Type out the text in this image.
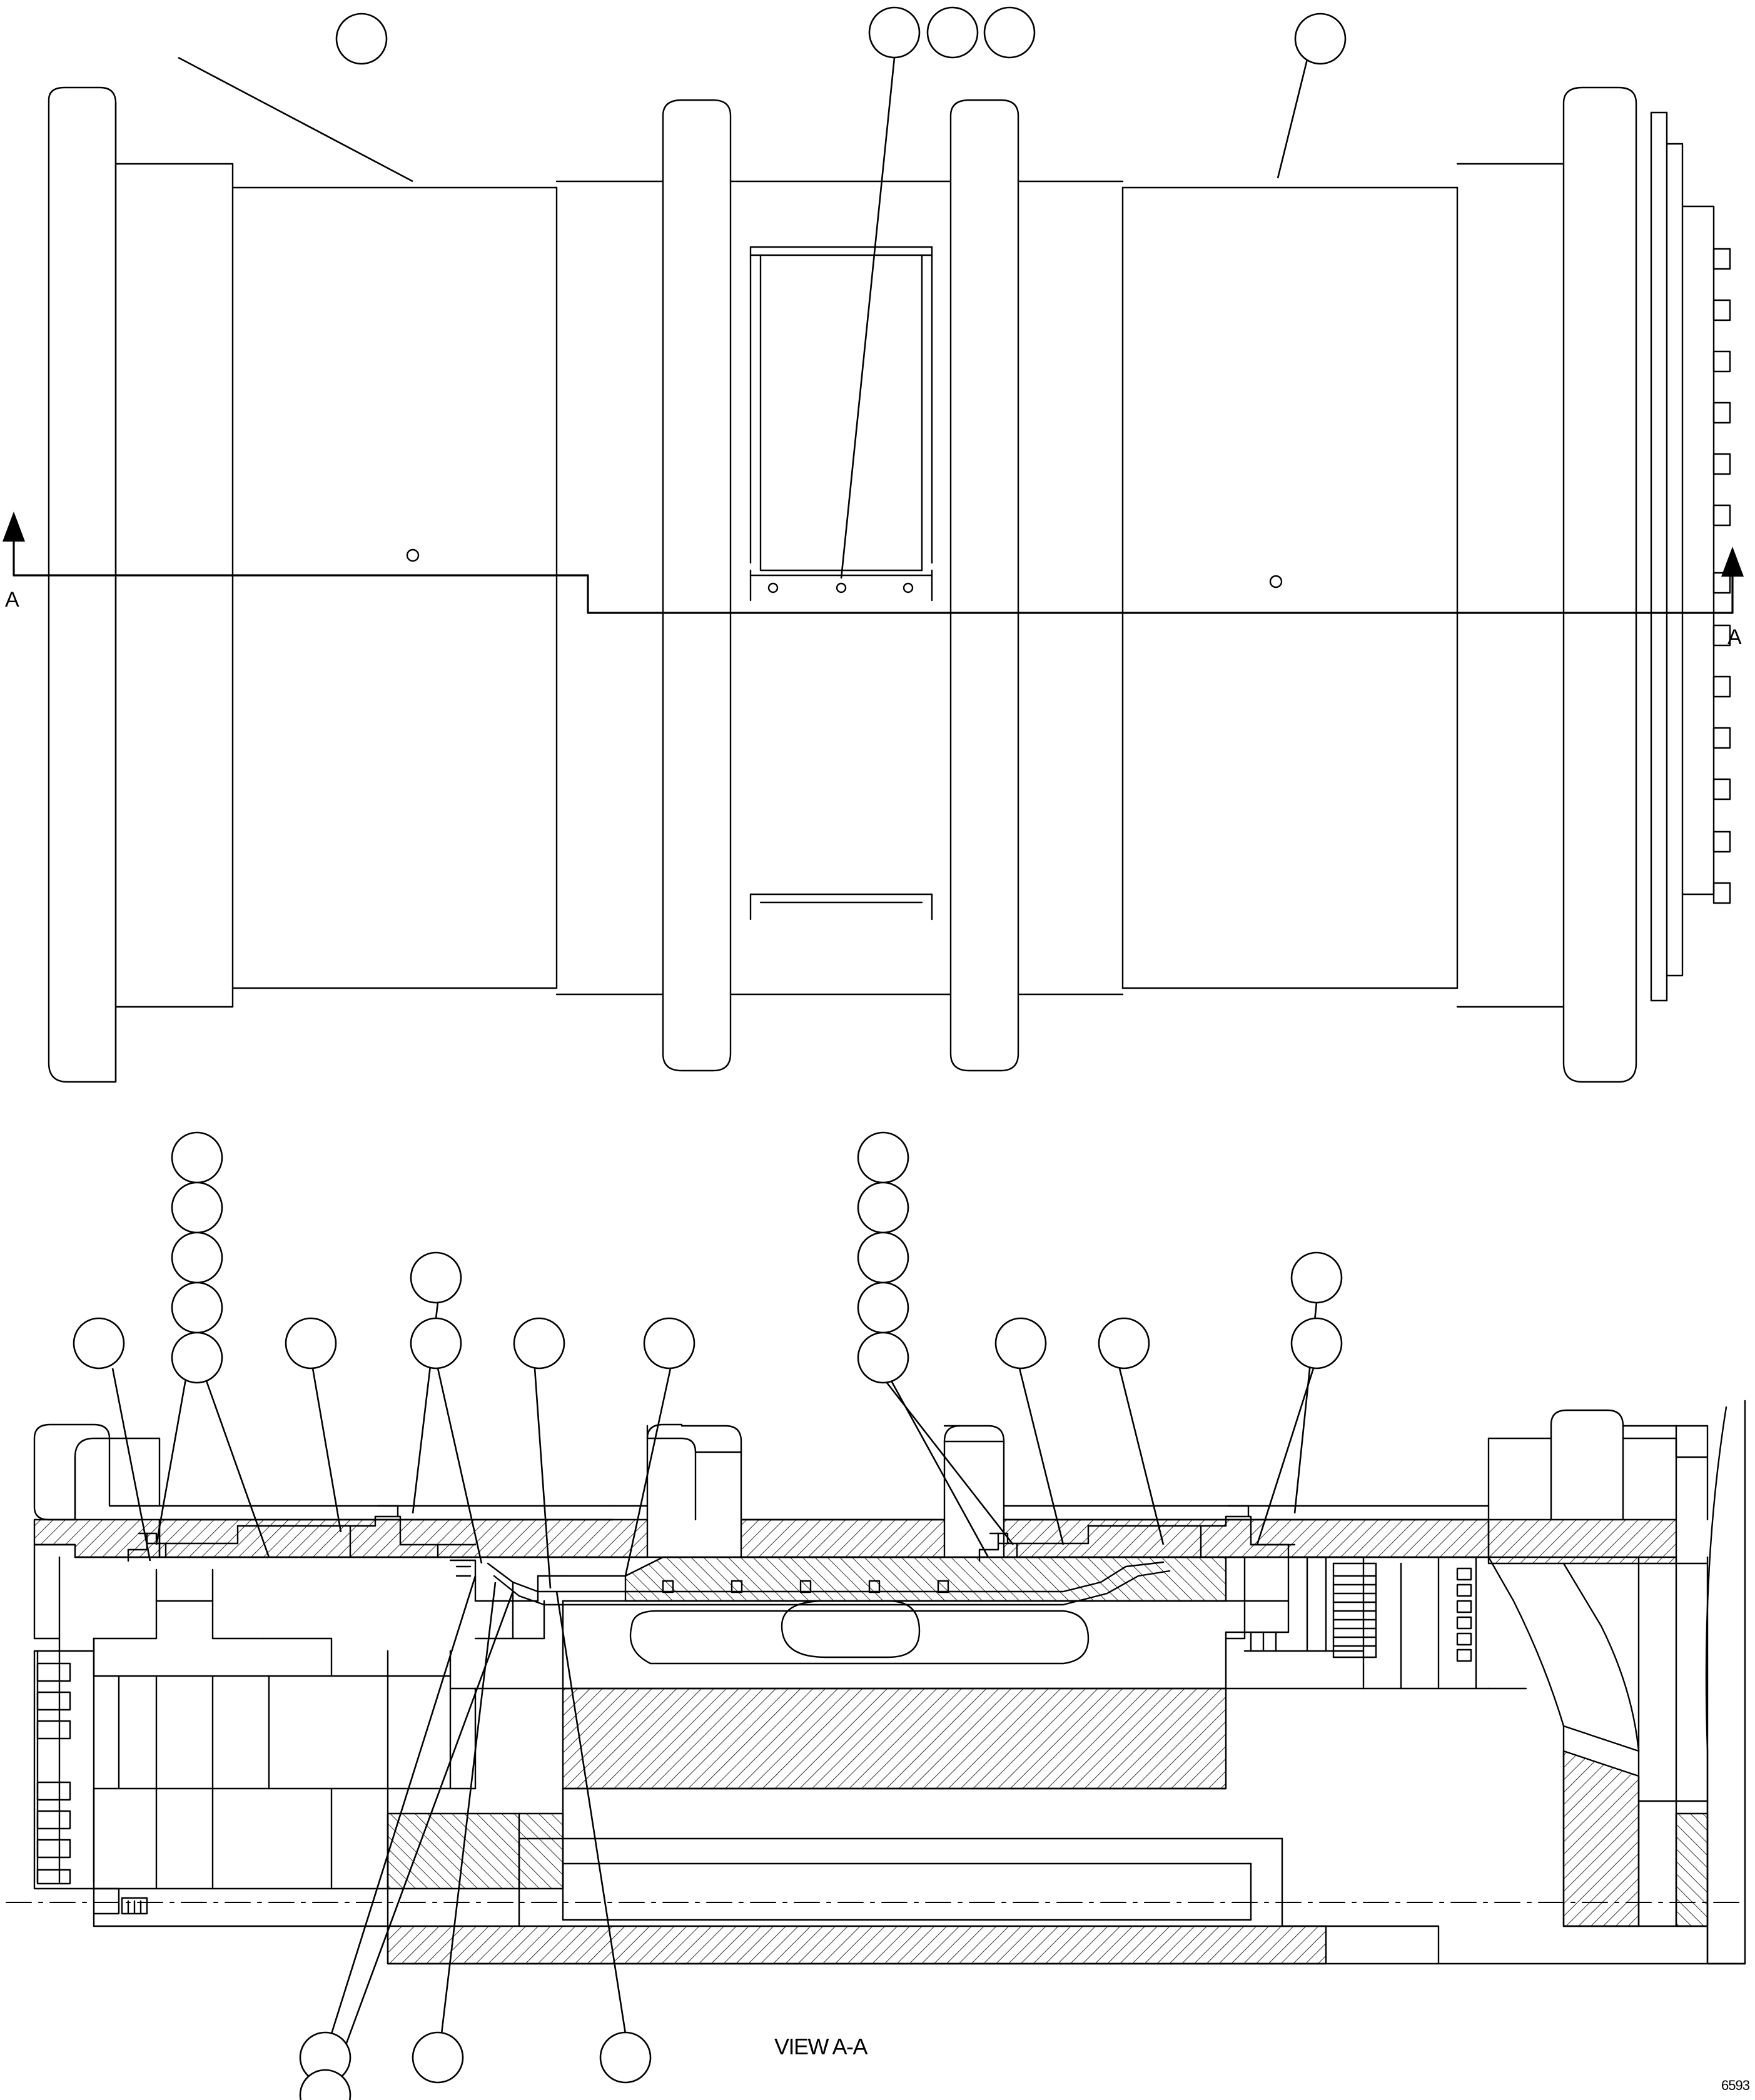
A
A
VIEW A-A
6593
